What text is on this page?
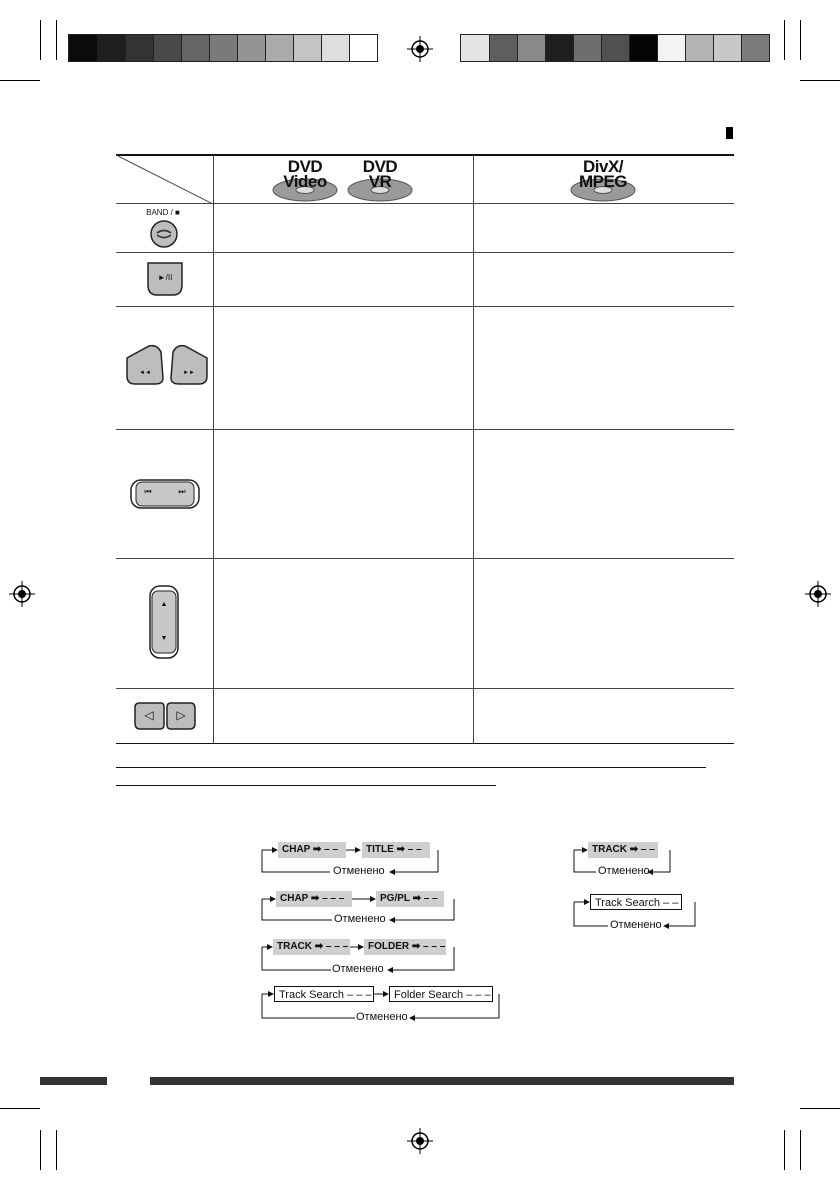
DVD
Video
DVD
VR
DivX/
MPEG
BAND / ■
►/II
◄◄	►►
⏮	⏭
▲
▼
◁	▷
CHAP ➡ – –	TITLE ➡ – –
Отменено
CHAP ➡ – – –	PG/PL ➡ – –
Отменено
TRACK ➡ – – –	FOLDER ➡ – – –
Отменено
Track Search – – –	Folder Search – – –
Отменено
TRACK ➡ – –
Отменено
Track Search – –
Отменено
